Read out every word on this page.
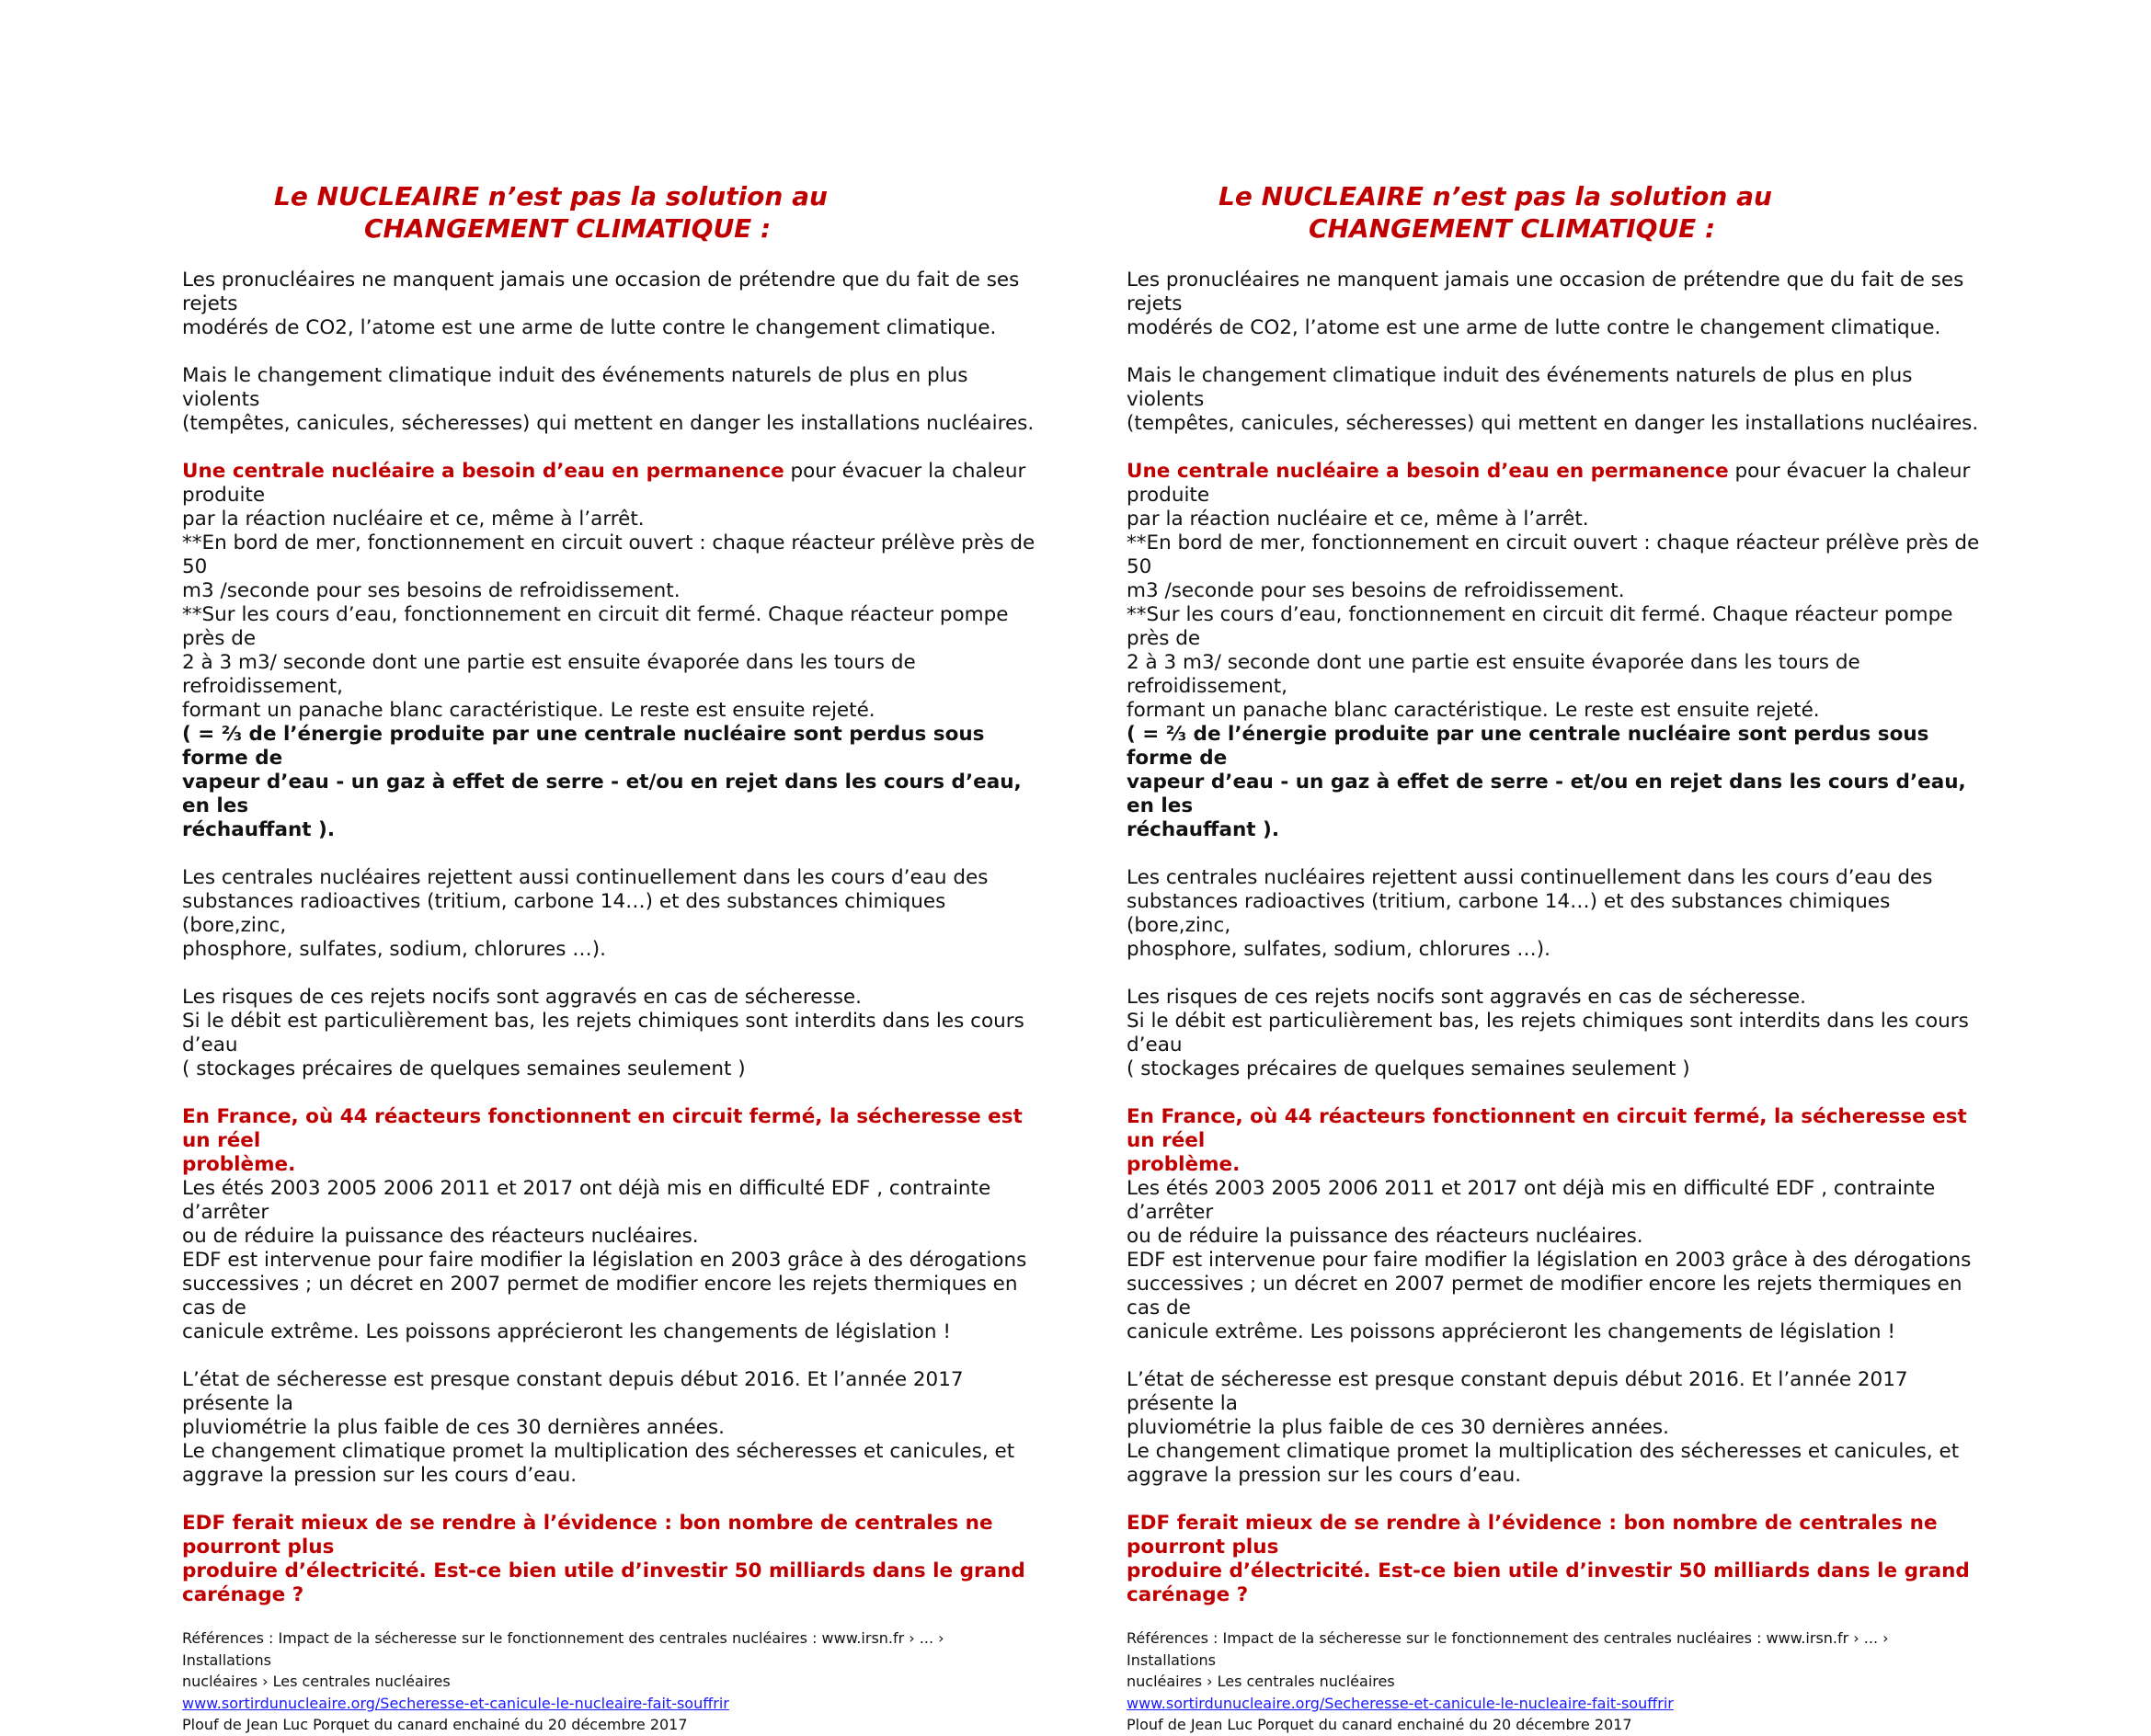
Le NUCLEAIRE n’est pas la solution au
CHANGEMENT CLIMATIQUE :

Les pronucléaires ne manquent jamais une occasion de prétendre que du fait de ses rejets
modérés de CO2, l’atome est une arme de lutte contre le changement climatique.

Mais le changement climatique induit des événements naturels de plus en plus violents
(tempêtes, canicules, sécheresses) qui mettent en danger les installations nucléaires.

Une centrale nucléaire a besoin d’eau en permanence pour évacuer la chaleur produite
par la réaction nucléaire et ce, même à l’arrêt.
**En bord de mer, fonctionnement en circuit ouvert : chaque réacteur prélève près de 50
m3 /seconde pour ses besoins de refroidissement.
**Sur les cours d’eau, fonctionnement en circuit dit fermé. Chaque réacteur pompe près de
2 à 3 m3/ seconde dont une partie est ensuite évaporée dans les tours de refroidissement,
formant un panache blanc caractéristique. Le reste est ensuite rejeté.
( = ⅔ de l’énergie produite par une centrale nucléaire sont perdus sous forme de
vapeur d’eau - un gaz à effet de serre - et/ou en rejet dans les cours d’eau, en les
réchauffant ).

Les centrales nucléaires rejettent aussi continuellement dans les cours d’eau des
substances radioactives (tritium, carbone 14…) et des substances chimiques (bore,zinc,
phosphore, sulfates, sodium, chlorures …).

Les risques de ces rejets nocifs sont aggravés en cas de sécheresse.
Si le débit est particulièrement bas, les rejets chimiques sont interdits dans les cours d’eau
( stockages précaires de quelques semaines seulement )

En France, où 44 réacteurs fonctionnent en circuit fermé, la sécheresse est un réel
problème.
Les étés 2003 2005 2006 2011 et 2017 ont déjà mis en difficulté EDF , contrainte d’arrêter
ou de réduire la puissance des réacteurs nucléaires.
EDF est intervenue pour faire modifier la législation en 2003 grâce à des dérogations
successives ; un décret en 2007 permet de modifier encore les rejets thermiques en cas de
canicule extrême. Les poissons apprécieront les changements de législation !

L’état de sécheresse est presque constant depuis début 2016. Et l’année 2017 présente la
pluviométrie la plus faible de ces 30 dernières années.
Le changement climatique promet la multiplication des sécheresses et canicules, et
aggrave la pression sur les cours d’eau.

EDF ferait mieux de se rendre à l’évidence : bon nombre de centrales ne pourront plus
produire d’électricité. Est-ce bien utile d’investir 50 milliards dans le grand carénage ?

Références : Impact de la sécheresse sur le fonctionnement des centrales nucléaires : www.irsn.fr › ... › Installations
nucléaires › Les centrales nucléaires
www.sortirdunucleaire.org/Secheresse-et-canicule-le-nucleaire-fait-souffrir
Plouf de Jean Luc Porquet du canard enchainé du 20 décembre 2017
Le NUCLEAIRE n’est pas la solution au
CHANGEMENT CLIMATIQUE :

Les pronucléaires ne manquent jamais une occasion de prétendre que du fait de ses rejets
modérés de CO2, l’atome est une arme de lutte contre le changement climatique.

Mais le changement climatique induit des événements naturels de plus en plus violents
(tempêtes, canicules, sécheresses) qui mettent en danger les installations nucléaires.

Une centrale nucléaire a besoin d’eau en permanence pour évacuer la chaleur produite
par la réaction nucléaire et ce, même à l’arrêt.
**En bord de mer, fonctionnement en circuit ouvert : chaque réacteur prélève près de 50
m3 /seconde pour ses besoins de refroidissement.
**Sur les cours d’eau, fonctionnement en circuit dit fermé. Chaque réacteur pompe près de
2 à 3 m3/ seconde dont une partie est ensuite évaporée dans les tours de refroidissement,
formant un panache blanc caractéristique. Le reste est ensuite rejeté.
( = ⅔ de l’énergie produite par une centrale nucléaire sont perdus sous forme de
vapeur d’eau - un gaz à effet de serre - et/ou en rejet dans les cours d’eau, en les
réchauffant ).

Les centrales nucléaires rejettent aussi continuellement dans les cours d’eau des
substances radioactives (tritium, carbone 14…) et des substances chimiques (bore,zinc,
phosphore, sulfates, sodium, chlorures …).

Les risques de ces rejets nocifs sont aggravés en cas de sécheresse.
Si le débit est particulièrement bas, les rejets chimiques sont interdits dans les cours d’eau
( stockages précaires de quelques semaines seulement )

En France, où 44 réacteurs fonctionnent en circuit fermé, la sécheresse est un réel
problème.
Les étés 2003 2005 2006 2011 et 2017 ont déjà mis en difficulté EDF , contrainte d’arrêter
ou de réduire la puissance des réacteurs nucléaires.
EDF est intervenue pour faire modifier la législation en 2003 grâce à des dérogations
successives ; un décret en 2007 permet de modifier encore les rejets thermiques en cas de
canicule extrême. Les poissons apprécieront les changements de législation !

L’état de sécheresse est presque constant depuis début 2016. Et l’année 2017 présente la
pluviométrie la plus faible de ces 30 dernières années.
Le changement climatique promet la multiplication des sécheresses et canicules, et
aggrave la pression sur les cours d’eau.

EDF ferait mieux de se rendre à l’évidence : bon nombre de centrales ne pourront plus
produire d’électricité. Est-ce bien utile d’investir 50 milliards dans le grand carénage ?

Références : Impact de la sécheresse sur le fonctionnement des centrales nucléaires : www.irsn.fr › ... › Installations
nucléaires › Les centrales nucléaires
www.sortirdunucleaire.org/Secheresse-et-canicule-le-nucleaire-fait-souffrir
Plouf de Jean Luc Porquet du canard enchainé du 20 décembre 2017
